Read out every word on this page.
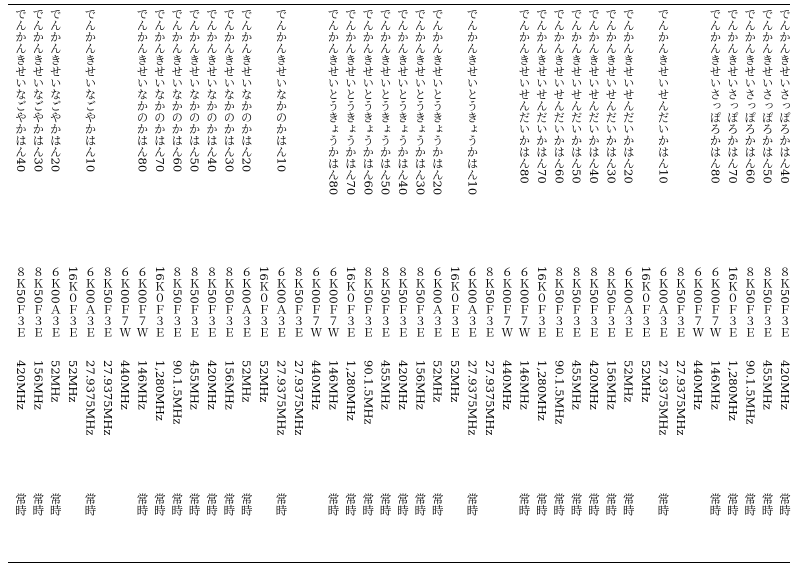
でんかんきせいさっぽろかはん40
８Ｋ50Ｆ３Ｅ
420MHz
常時
でんかんきせいさっぽろかはん50
８Ｋ50Ｆ３Ｅ
455MHz
常時
でんかんきせいさっぽろかはん60
８Ｋ50Ｆ３Ｅ
90.1.5MHz
常時
でんかんきせいさっぽろかはん70
16Ｋ０Ｆ３Ｅ
1,280MHz
常時
でんかんきせいさっぽろかはん80
６Ｋ00Ｆ７Ｗ
146MHz
常時
６Ｋ00Ｆ７Ｗ
440MHz
８Ｋ50Ｆ３Ｅ
27.9375MHz
でんかんきせいせんだいかはん10
６Ｋ00Ａ３Ｅ
27.9375MHz
常時
16Ｋ０Ｆ３Ｅ
52MHz
でんかんきせいせんだいかはん20
６Ｋ00Ａ３Ｅ
52MHz
常時
でんかんきせいせんだいかはん30
８Ｋ50Ｆ３Ｅ
156MHz
常時
でんかんきせいせんだいかはん40
８Ｋ50Ｆ３Ｅ
420MHz
常時
でんかんきせいせんだいかはん50
８Ｋ50Ｆ３Ｅ
455MHz
常時
でんかんきせいせんだいかはん60
８Ｋ50Ｆ３Ｅ
90.1.5MHz
常時
でんかんきせいせんだいかはん70
16Ｋ０Ｆ３Ｅ
1,280MHz
常時
でんかんきせいせんだいかはん80
６Ｋ00Ｆ７Ｗ
146MHz
常時
６Ｋ00Ｆ７Ｗ
440MHz
８Ｋ50Ｆ３Ｅ
27.9375MHz
でんかんきせいとうきょうかはん10
６Ｋ00Ａ３Ｅ
27.9375MHz
常時
16Ｋ０Ｆ３Ｅ
52MHz
でんかんきせいとうきょうかはん20
６Ｋ00Ａ３Ｅ
52MHz
常時
でんかんきせいとうきょうかはん30
８Ｋ50Ｆ３Ｅ
156MHz
常時
でんかんきせいとうきょうかはん40
８Ｋ50Ｆ３Ｅ
420MHz
常時
でんかんきせいとうきょうかはん50
８Ｋ50Ｆ３Ｅ
455MHz
常時
でんかんきせいとうきょうかはん60
８Ｋ50Ｆ３Ｅ
90.1.5MHz
常時
でんかんきせいとうきょうかはん70
16Ｋ０Ｆ３Ｅ
1,280MHz
常時
でんかんきせいとうきょうかはん80
６Ｋ00Ｆ７Ｗ
146MHz
常時
６Ｋ00Ｆ７Ｗ
440MHz
８Ｋ50Ｆ３Ｅ
27.9375MHz
でんかんきせいなかのかはん10
６Ｋ00Ａ３Ｅ
27.9375MHz
常時
16Ｋ０Ｆ３Ｅ
52MHz
でんかんきせいなかのかはん20
６Ｋ00Ａ３Ｅ
52MHz
常時
でんかんきせいなかのかはん30
８Ｋ50Ｆ３Ｅ
156MHz
常時
でんかんきせいなかのかはん40
８Ｋ50Ｆ３Ｅ
420MHz
常時
でんかんきせいなかのかはん50
８Ｋ50Ｆ３Ｅ
455MHz
常時
でんかんきせいなかのかはん60
８Ｋ50Ｆ３Ｅ
90.1.5MHz
常時
でんかんきせいなかのかはん70
16Ｋ０Ｆ３Ｅ
1,280MHz
常時
でんかんきせいなかのかはん80
６Ｋ00Ｆ７Ｗ
146MHz
常時
６Ｋ00Ｆ７Ｗ
440MHz
８Ｋ50Ｆ３Ｅ
27.9375MHz
でんかんきせいなごやかはん10
６Ｋ00Ａ３Ｅ
27.9375MHz
常時
16Ｋ０Ｆ３Ｅ
52MHz
でんかんきせいなごやかはん20
６Ｋ00Ａ３Ｅ
52MHz
常時
でんかんきせいなごやかはん30
８Ｋ50Ｆ３Ｅ
156MHz
常時
でんかんきせいなごやかはん40
８Ｋ50Ｆ３Ｅ
420MHz
常時
